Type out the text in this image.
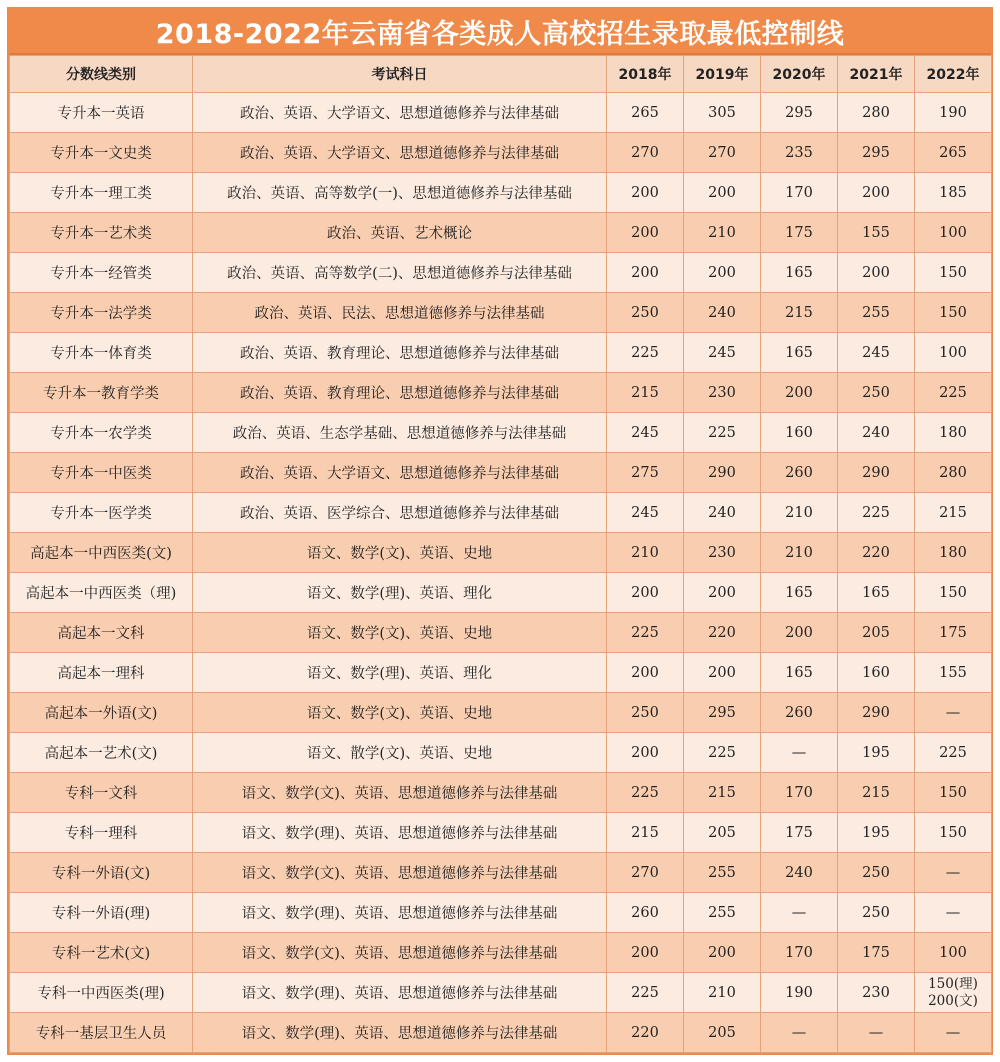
2018-2022年云南省各类成人高校招生录取最低控制线
分数线类别	考试科日	2018年	2019年	2020年	2021年	2022年
专升本一英语	政治、英语、大学语文、思想道德修养与法律基础	265	305	295	280	190
专升本一文史类	政治、英语、大学语文、思想道德修养与法律基础	270	270	235	295	265
专升本一理工类	政治、英语、高等数学(一)、思想道德修养与法律基础	200	200	170	200	185
专升本一艺术类	政治、英语、艺术概论	200	210	175	155	100
专升本一经管类	政治、英语、高等数学(二)、思想道德修养与法律基础	200	200	165	200	150
专升本一法学类	政治、英语、民法、思想道德修养与法律基础	250	240	215	255	150
专升本一体育类	政治、英语、教育理论、思想道德修养与法律基础	225	245	165	245	100
专升本一教育学类	政治、英语、教育理论、思想道德修养与法律基础	215	230	200	250	225
专升本一农学类	政治、英语、生态学基础、思想道德修养与法律基础	245	225	160	240	180
专升本一中医类	政治、英语、大学语文、思想道德修养与法律基础	275	290	260	290	280
专升本一医学类	政治、英语、医学综合、思想道德修养与法律基础	245	240	210	225	215
高起本一中西医类(文)	语文、数学(文)、英语、史地	210	230	210	220	180
高起本一中西医类（理)	语文、数学(理)、英语、理化	200	200	165	165	150
高起本一文科	语文、数学(文)、英语、史地	225	220	200	205	175
高起本一理科	语文、数学(理)、英语、理化	200	200	165	160	155
高起本一外语(文)	语文、数学(文)、英语、史地	250	295	260	290	—
高起本一艺术(文)	语文、散学(文)、英语、史地	200	225	—	195	225
专科一文科	语文、数学(文)、英语、思想道德修养与法律基础	225	215	170	215	150
专科一理科	语文、数学(理)、英语、思想道德修养与法律基础	215	205	175	195	150
专科一外语(文)	语文、数学(文)、英语、思想道德修养与法律基础	270	255	240	250	—
专科一外语(理)	语文、数学(理)、英语、思想道德修养与法律基础	260	255	—	250	—
专科一艺术(文)	语文、数学(文)、英语、思想道德修养与法律基础	200	200	170	175	100
专科一中西医类(理)	语文、数学(理)、英语、思想道德修养与法律基础	225	210	190	230	150(理)
200(文)
专科一基层卫生人员	语文、数学(理)、英语、思想道德修养与法律基础	220	205	—	—	—
